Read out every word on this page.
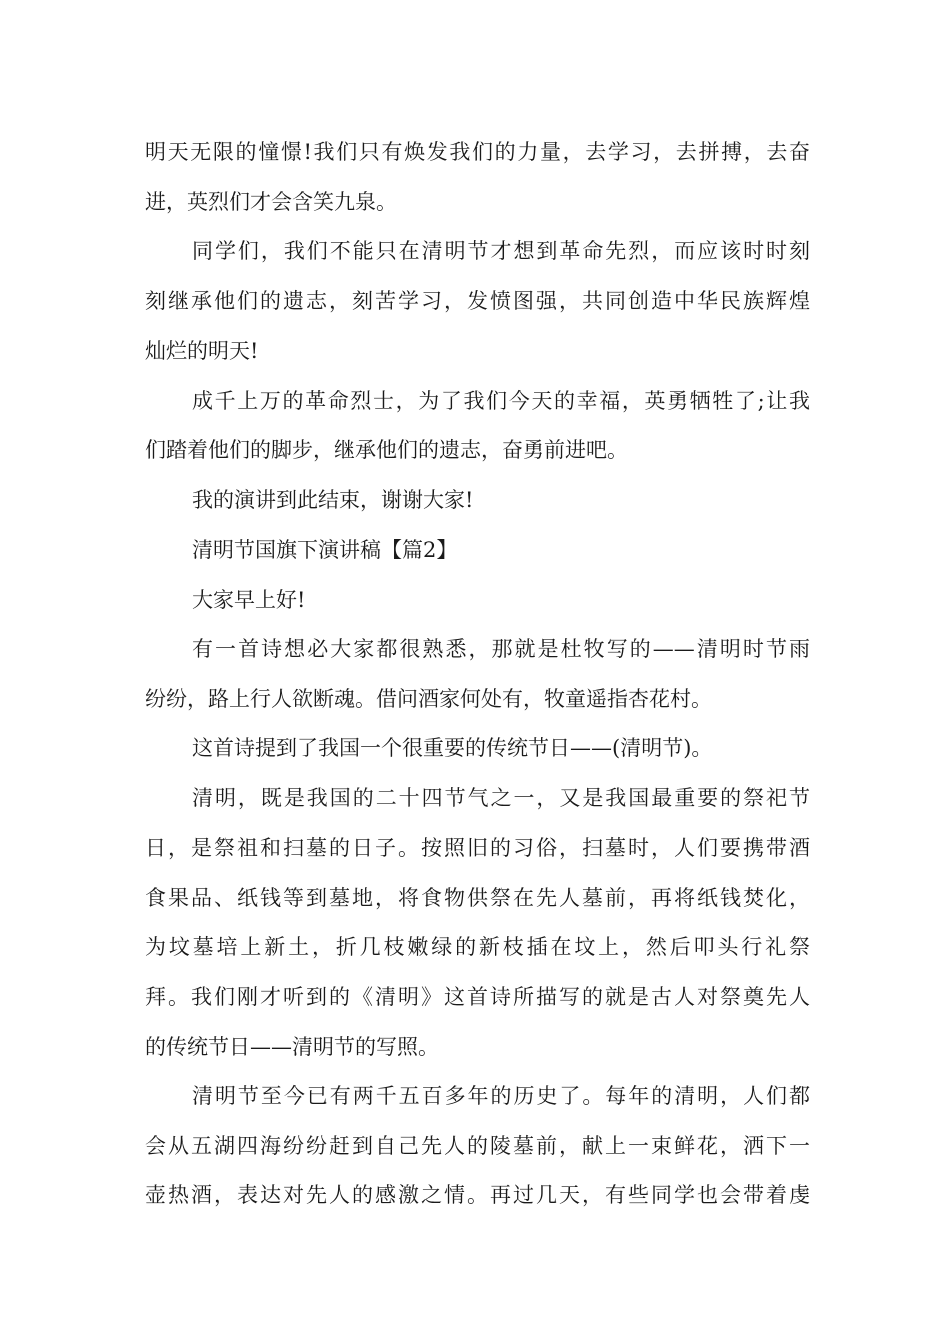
明天无限的憧憬!我们只有焕发我们的力量，去学习，去拼搏，去奋
进，英烈们才会含笑九泉。
同学们，我们不能只在清明节才想到革命先烈，而应该时时刻
刻继承他们的遗志，刻苦学习，发愤图强，共同创造中华民族辉煌
灿烂的明天!
成千上万的革命烈士，为了我们今天的幸福，英勇牺牲了;让我
们踏着他们的脚步，继承他们的遗志，奋勇前进吧。
我的演讲到此结束，谢谢大家!
清明节国旗下演讲稿【篇2】
大家早上好!
有一首诗想必大家都很熟悉，那就是杜牧写的——清明时节雨
纷纷，路上行人欲断魂。借问酒家何处有，牧童遥指杏花村。
这首诗提到了我国一个很重要的传统节日——(清明节)。
清明，既是我国的二十四节气之一，又是我国最重要的祭祀节
日，是祭祖和扫墓的日子。按照旧的习俗，扫墓时，人们要携带酒
食果品、纸钱等到墓地，将食物供祭在先人墓前，再将纸钱焚化，
为坟墓培上新土，折几枝嫩绿的新枝插在坟上，然后叩头行礼祭
拜。我们刚才听到的《清明》这首诗所描写的就是古人对祭奠先人
的传统节日——清明节的写照。
清明节至今已有两千五百多年的历史了。每年的清明，人们都
会从五湖四海纷纷赶到自己先人的陵墓前，献上一束鲜花，洒下一
壶热酒，表达对先人的感激之情。再过几天，有些同学也会带着虔
